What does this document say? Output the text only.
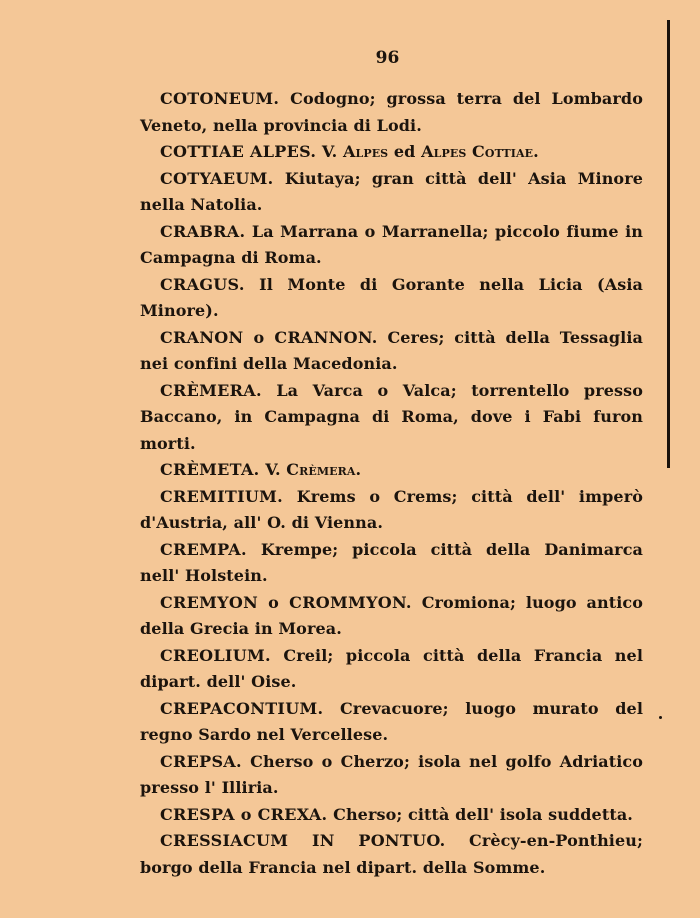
96

COTONEUM. Codogno; grossa terra del Lombardo Veneto, nella provincia di Lodi.

COTTIAE ALPES. V. Alpes ed Alpes Cottiae.

COTYAEUM. Kiutaya; gran città dell' Asia Minore nella Natolia.

CRABRA. La Marrana o Marranella; piccolo fiume in Campagna di Roma.

CRAGUS. Il Monte di Gorante nella Licia (Asia Minore).

CRANON o CRANNON. Ceres; città della Tessaglia nei confini della Macedonia.

CRÈMERA. La Varca o Valca; torrentello presso Baccano, in Campagna di Roma, dove i Fabi furon morti.

CRÈMETA. V. Crèmera.

CREMITIUM. Krems o Crems; città dell' imperò d'Austria, all' O. di Vienna.

CREMPA. Krempe; piccola città della Danimarca nell' Holstein.

CREMYON o CROMMYON. Cromiona; luogo antico della Grecia in Morea.

CREOLIUM. Creil; piccola città della Francia nel dipart. dell' Oise.

CREPACONTIUM. Crevacuore; luogo murato del regno Sardo nel Vercellese.

CREPSA. Cherso o Cherzo; isola nel golfo Adriatico presso l' Illiria.

CRESPA o CREXA. Cherso; città dell' isola suddetta.

CRESSIACUM IN PONTUO. Crècy-en-Ponthieu; borgo della Francia nel dipart. della Somme.
